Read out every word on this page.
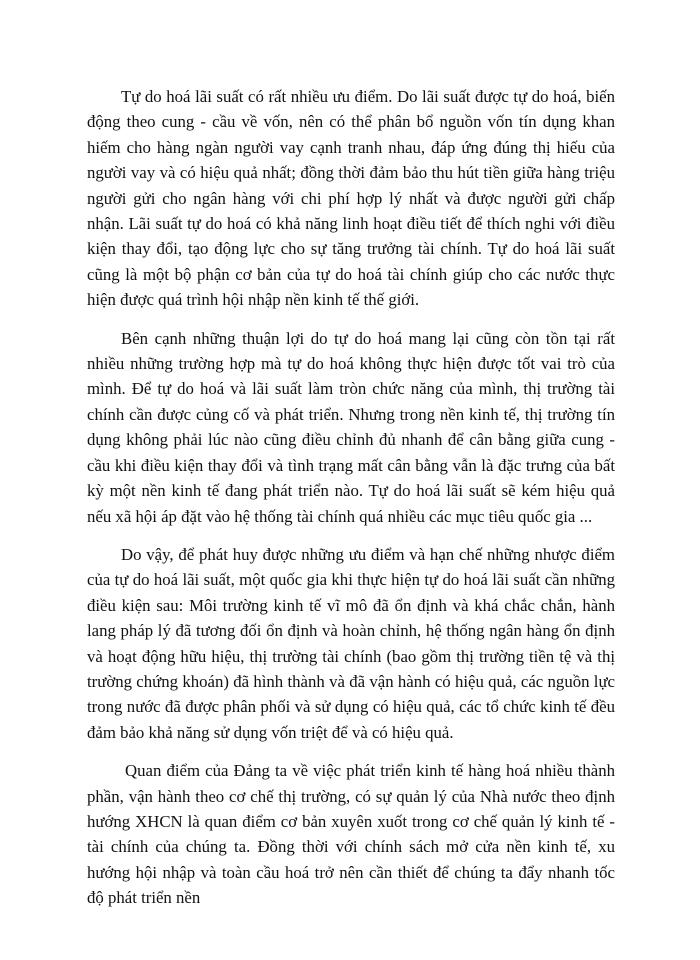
Tự do hoá lãi suất có rất nhiều ưu điểm. Do lãi suất được tự do hoá, biến động theo cung - cầu về vốn, nên có thể phân bổ nguồn vốn tín dụng khan hiếm cho hàng ngàn người vay cạnh tranh nhau, đáp ứng đúng thị hiếu của người vay và có hiệu quả nhất; đồng thời đảm bảo thu hút tiền giữa hàng triệu người gửi cho ngân hàng với chi phí hợp lý nhất và được người gửi chấp nhận. Lãi suất tự do hoá có khả năng linh hoạt điều tiết để thích nghi với điều kiện thay đổi, tạo động lực cho sự tăng trưởng tài chính. Tự do hoá lãi suất cũng là một bộ phận cơ bản của tự do hoá tài chính giúp cho các nước thực hiện được quá trình hội nhập nền kinh tế thế giới.

Bên cạnh những thuận lợi do tự do hoá mang lại cũng còn tồn tại rất nhiều những trường hợp mà tự do hoá không thực hiện được tốt vai trò của mình. Để tự do hoá và lãi suất làm tròn chức năng của mình, thị trường tài chính cần được củng cố và phát triển. Nhưng trong nền kinh tế, thị trường tín dụng không phải lúc nào cũng điều chỉnh đủ nhanh để cân bằng giữa cung - cầu khi điều kiện thay đổi và tình trạng mất cân bằng vẫn là đặc trưng của bất kỳ một nền kinh tế đang phát triển nào. Tự do hoá lãi suất sẽ kém hiệu quả nếu xã hội áp đặt vào hệ thống tài chính quá nhiều các mục tiêu quốc gia ...

Do vậy, để phát huy được những ưu điểm và hạn chế những nhược điểm của tự do hoá lãi suất, một quốc gia khi thực hiện tự do hoá lãi suất cần những điều kiện sau: Môi trường kinh tế vĩ mô đã ổn định và khá chắc chắn, hành lang pháp lý đã tương đối ổn định và hoàn chỉnh, hệ thống ngân hàng ổn định và hoạt động hữu hiệu, thị trường tài chính (bao gồm thị trường tiền tệ và thị trường chứng khoán) đã hình thành và đã vận hành có hiệu quả, các nguồn lực trong nước đã được phân phối và sử dụng có hiệu quả, các tổ chức kinh tế đều đảm bảo khả năng sử dụng vốn triệt để và có hiệu quả.

Quan điểm của Đảng ta về việc phát triển kinh tế hàng hoá nhiều thành phần, vận hành theo cơ chế thị trường, có sự quản lý của Nhà nước theo định hướng XHCN là quan điểm cơ bản xuyên xuốt trong cơ chế quản lý kinh tế - tài chính của chúng ta. Đồng thời với chính sách mở cửa nền kinh tế, xu hướng hội nhập và toàn cầu hoá trở nên cần thiết để chúng ta đẩy nhanh tốc độ phát triển nền
